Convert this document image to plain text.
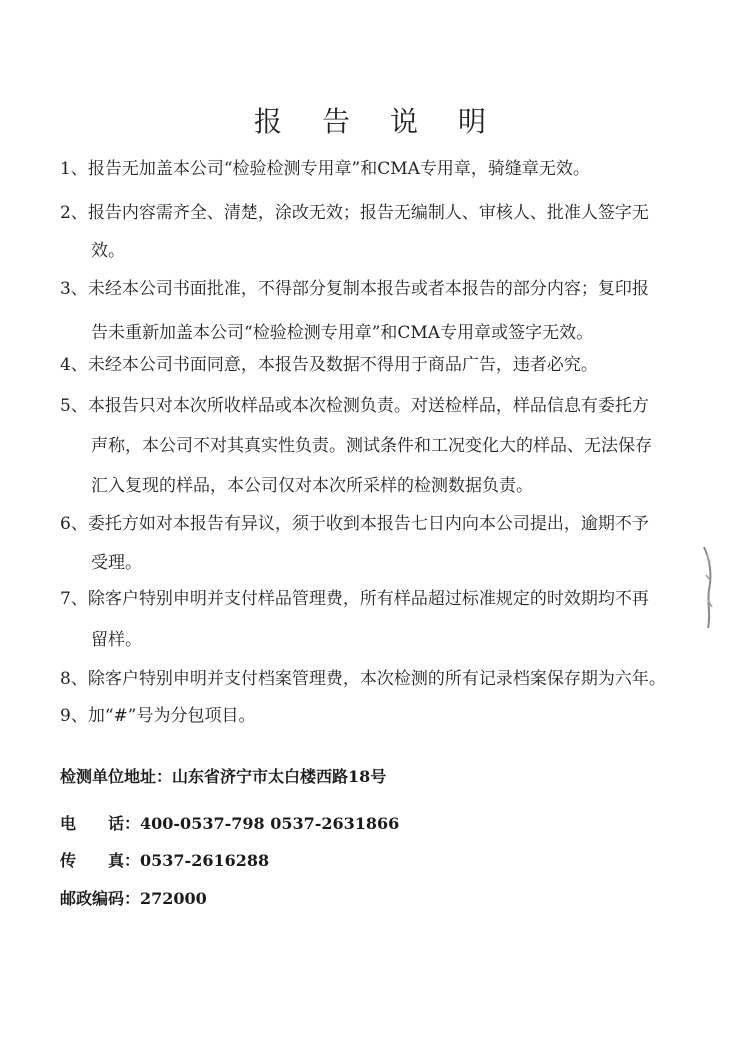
报告说明
1、报告无加盖本公司“检验检测专用章”和CMA专用章，骑缝章无效。
2、报告内容需齐全、清楚，涂改无效；报告无编制人、审核人、批准人签字无
效。
3、未经本公司书面批准，不得部分复制本报告或者本报告的部分内容；复印报
告未重新加盖本公司“检验检测专用章”和CMA专用章或签字无效。
4、未经本公司书面同意，本报告及数据不得用于商品广告，违者必究。
5、本报告只对本次所收样品或本次检测负责。对送检样品，样品信息有委托方
声称，本公司不对其真实性负责。测试条件和工况变化大的样品、无法保存
汇入复现的样品，本公司仅对本次所采样的检测数据负责。
6、委托方如对本报告有异议，须于收到本报告七日内向本公司提出，逾期不予
受理。
7、除客户特别申明并支付样品管理费，所有样品超过标准规定的时效期均不再
留样。
8、除客户特别申明并支付档案管理费，本次检测的所有记录档案保存期为六年。
9、加“#”号为分包项目。
检测单位地址：山东省济宁市太白楼西路18号
电　　话：400-0537-798 0537-2631866
传　　真：0537-2616288
邮政编码：272000
